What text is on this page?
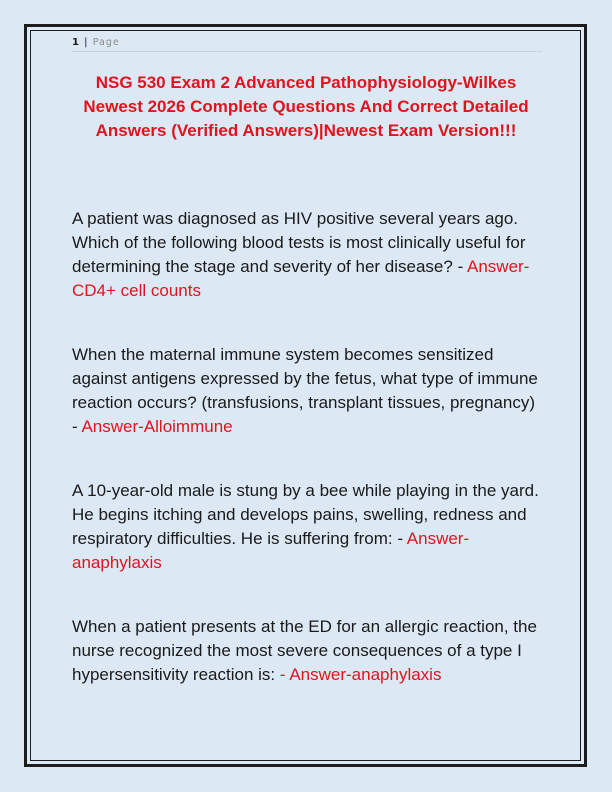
1 | Page
NSG 530 Exam 2 Advanced Pathophysiology-Wilkes Newest 2026 Complete Questions And Correct Detailed Answers (Verified Answers)|Newest Exam Version!!!
A patient was diagnosed as HIV positive several years ago. Which of the following blood tests is most clinically useful for determining the stage and severity of her disease? - Answer-CD4+ cell counts
When the maternal immune system becomes sensitized against antigens expressed by the fetus, what type of immune reaction occurs? (transfusions, transplant tissues, pregnancy) - Answer-Alloimmune
A 10-year-old male is stung by a bee while playing in the yard. He begins itching and develops pains, swelling, redness and respiratory difficulties. He is suffering from: - Answer-anaphylaxis
When a patient presents at the ED for an allergic reaction, the nurse recognized the most severe consequences of a type I hypersensitivity reaction is: - Answer-anaphylaxis
